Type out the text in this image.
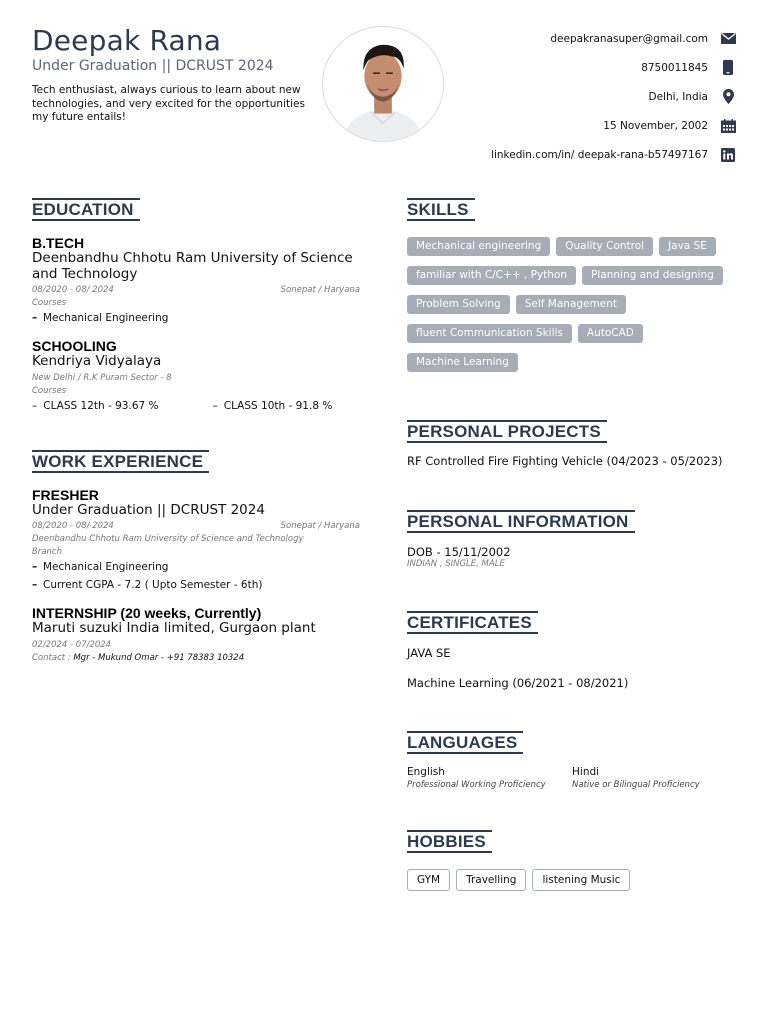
Deepak Rana
Under Graduation || DCRUST 2024

Tech enthusiast, always curious to learn about new technologies, and very excited for the opportunities my future entails!

deepakranasuper@gmail.com
8750011845
Delhi, India
15 November, 2002
linkedin.com/in/ deepak-rana-b57497167
EDUCATION
B.TECH
Deenbandhu Chhotu Ram University of Science and Technology
08/2020 - 08/ 2024	Sonepat / Haryana
Courses
– Mechanical Engineering
SCHOOLING
Kendriya Vidyalaya
New Delhi / R.K Puram Sector - 8
Courses
– CLASS 12th - 93.67 %	– CLASS 10th - 91.8 %
WORK EXPERIENCE
FRESHER
Under Graduation || DCRUST 2024
08/2020 - 08/ 2024	Sonepat / Haryana
Deenbandhu Chhotu Ram University of Science and Technology
Branch
– Mechanical Engineering
– Current CGPA - 7.2 ( Upto Semester - 6th)
INTERNSHIP (20 weeks, Currently)
Maruti suzuki India limited, Gurgaon plant
02/2024 - 07/2024
Contact : Mgr - Mukund Omar - +91 78383 10324
SKILLS
Mechanical engineering	Quality Control	Java SE
familiar with C/C++ , Python	Planning and designing
Problem Solving	Self Management
fluent Communication Skills	AutoCAD
Machine Learning
PERSONAL PROJECTS
RF Controlled Fire Fighting Vehicle (04/2023 - 05/2023)
PERSONAL INFORMATION
DOB - 15/11/2002
INDIAN , SINGLE, MALE
CERTIFICATES
JAVA SE
Machine Learning (06/2021 - 08/2021)
LANGUAGES
English
Professional Working Proficiency
Hindi
Native or Bilingual Proficiency
HOBBIES
GYM	Travelling	listening Music
